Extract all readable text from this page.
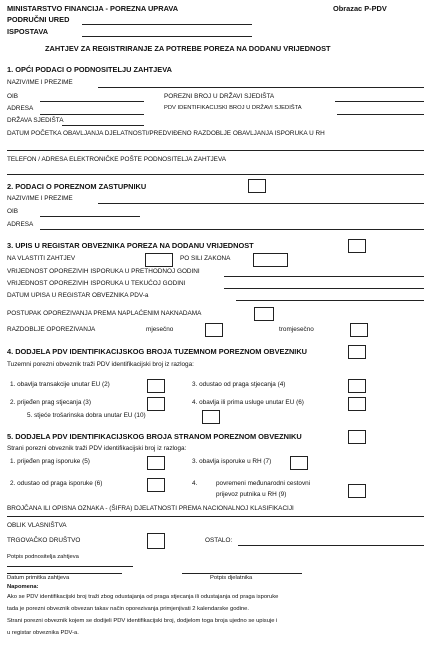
MINISTARSTVO FINANCIJA - POREZNA UPRAVA	Obrazac P-PDV
PODRUČNI URED
ISPOSTAVA
ZAHTJEV ZA REGISTRIRANJE ZA POTREBE POREZA NA DODANU VRIJEDNOST
1. OPĆI PODACI O PODNOSITELJU ZAHTJEVA
NAZIV/IME I PREZIME
OIB	POREZNI BROJ U DRŽAVI SJEDIŠTA
ADRESA	PDV IDENTIFIKACIJSKI BROJ U DRŽAVI SJEDIŠTA
DRŽAVA SJEDIŠTA
DATUM POČETKA OBAVLJANJA DJELATNOSTI/PREDVIĐENO RAZDOBLJE OBAVLJANJA ISPORUKA U RH
TELEFON / ADRESA ELEKTRONIČKE POŠTE PODNOSITELJA ZAHTJEVA
2. PODACI O POREZNOM ZASTUPNIKU
NAZIV/IME I PREZIME
OIB
ADRESA
3. UPIS U REGISTAR OBVEZNIKA POREZA NA DODANU VRIJEDNOST
NA VLASTITI ZAHTJEV	PO SILI ZAKONA
VRIJEDNOST OPOREZIVIH ISPORUKA U PRETHODNOJ GODINI
VRIJEDNOST OPOREZIVIH ISPORUKA U TEKUĆOJ GODINI
DATUM UPISA U REGISTAR OBVEZNIKA PDV-a
POSTUPAK OPOREZIVANJA PREMA NAPLAĆENIM NAKNADAMA
RAZDOBLJE OPOREZIVANJA	mjesečno	tromjesečno
4. DODJELA PDV IDENTIFIKACIJSKOG BROJA TUZEMNOM POREZNOM OBVEZNIKU
Tuzemni porezni obveznik traži PDV identifikacijski broj iz razloga:
1. obavlja transakcije unutar EU (2)	3. odustao od praga stjecanja (4)
2. prijeđen prag stjecanja (3)	4. obavlja ili prima usluge unutar EU (6)
5. stjeće trošarinska dobra unutar EU (10)
5. DODJELA PDV IDENTIFIKACIJSKOG BROJA STRANOM POREZNOM OBVEZNIKU
Strani porezni obveznik traži PDV identifikacijski broj iz razloga:
1. prijeđen prag isporuke (5)	3. obavlja isporuke u RH (7)
2. odustao od praga isporuke (6)	4.	povremeni međunarodni cestovni
prijevoz putnika u RH (9)
BROJČANA ILI OPISNA OZNAKA - (ŠIFRA) DJELATNOSTI PREMA NACIONALNOJ KLASIFIKACIJI
OBLIK VLASNIŠTVA
TRGOVAČKO DRUŠTVO	OSTALO:
Potpis podnositelja zahtjeva
Datum primitka zahtjeva	Potpis djelatnika
Napomena:
Ako se PDV identifikacijski broj traži zbog odustajanja od praga stjecanja ili odustajanja od praga isporuke
tada je porezni obveznik obvezan takav način oporezivanja primjenjivati 2 kalendarske godine.
Strani porezni obveznik kojem se dodijeli PDV identifikacijski broj, dodjelom toga broja ujedno se upisuje i
u registar obveznika PDV-a.
